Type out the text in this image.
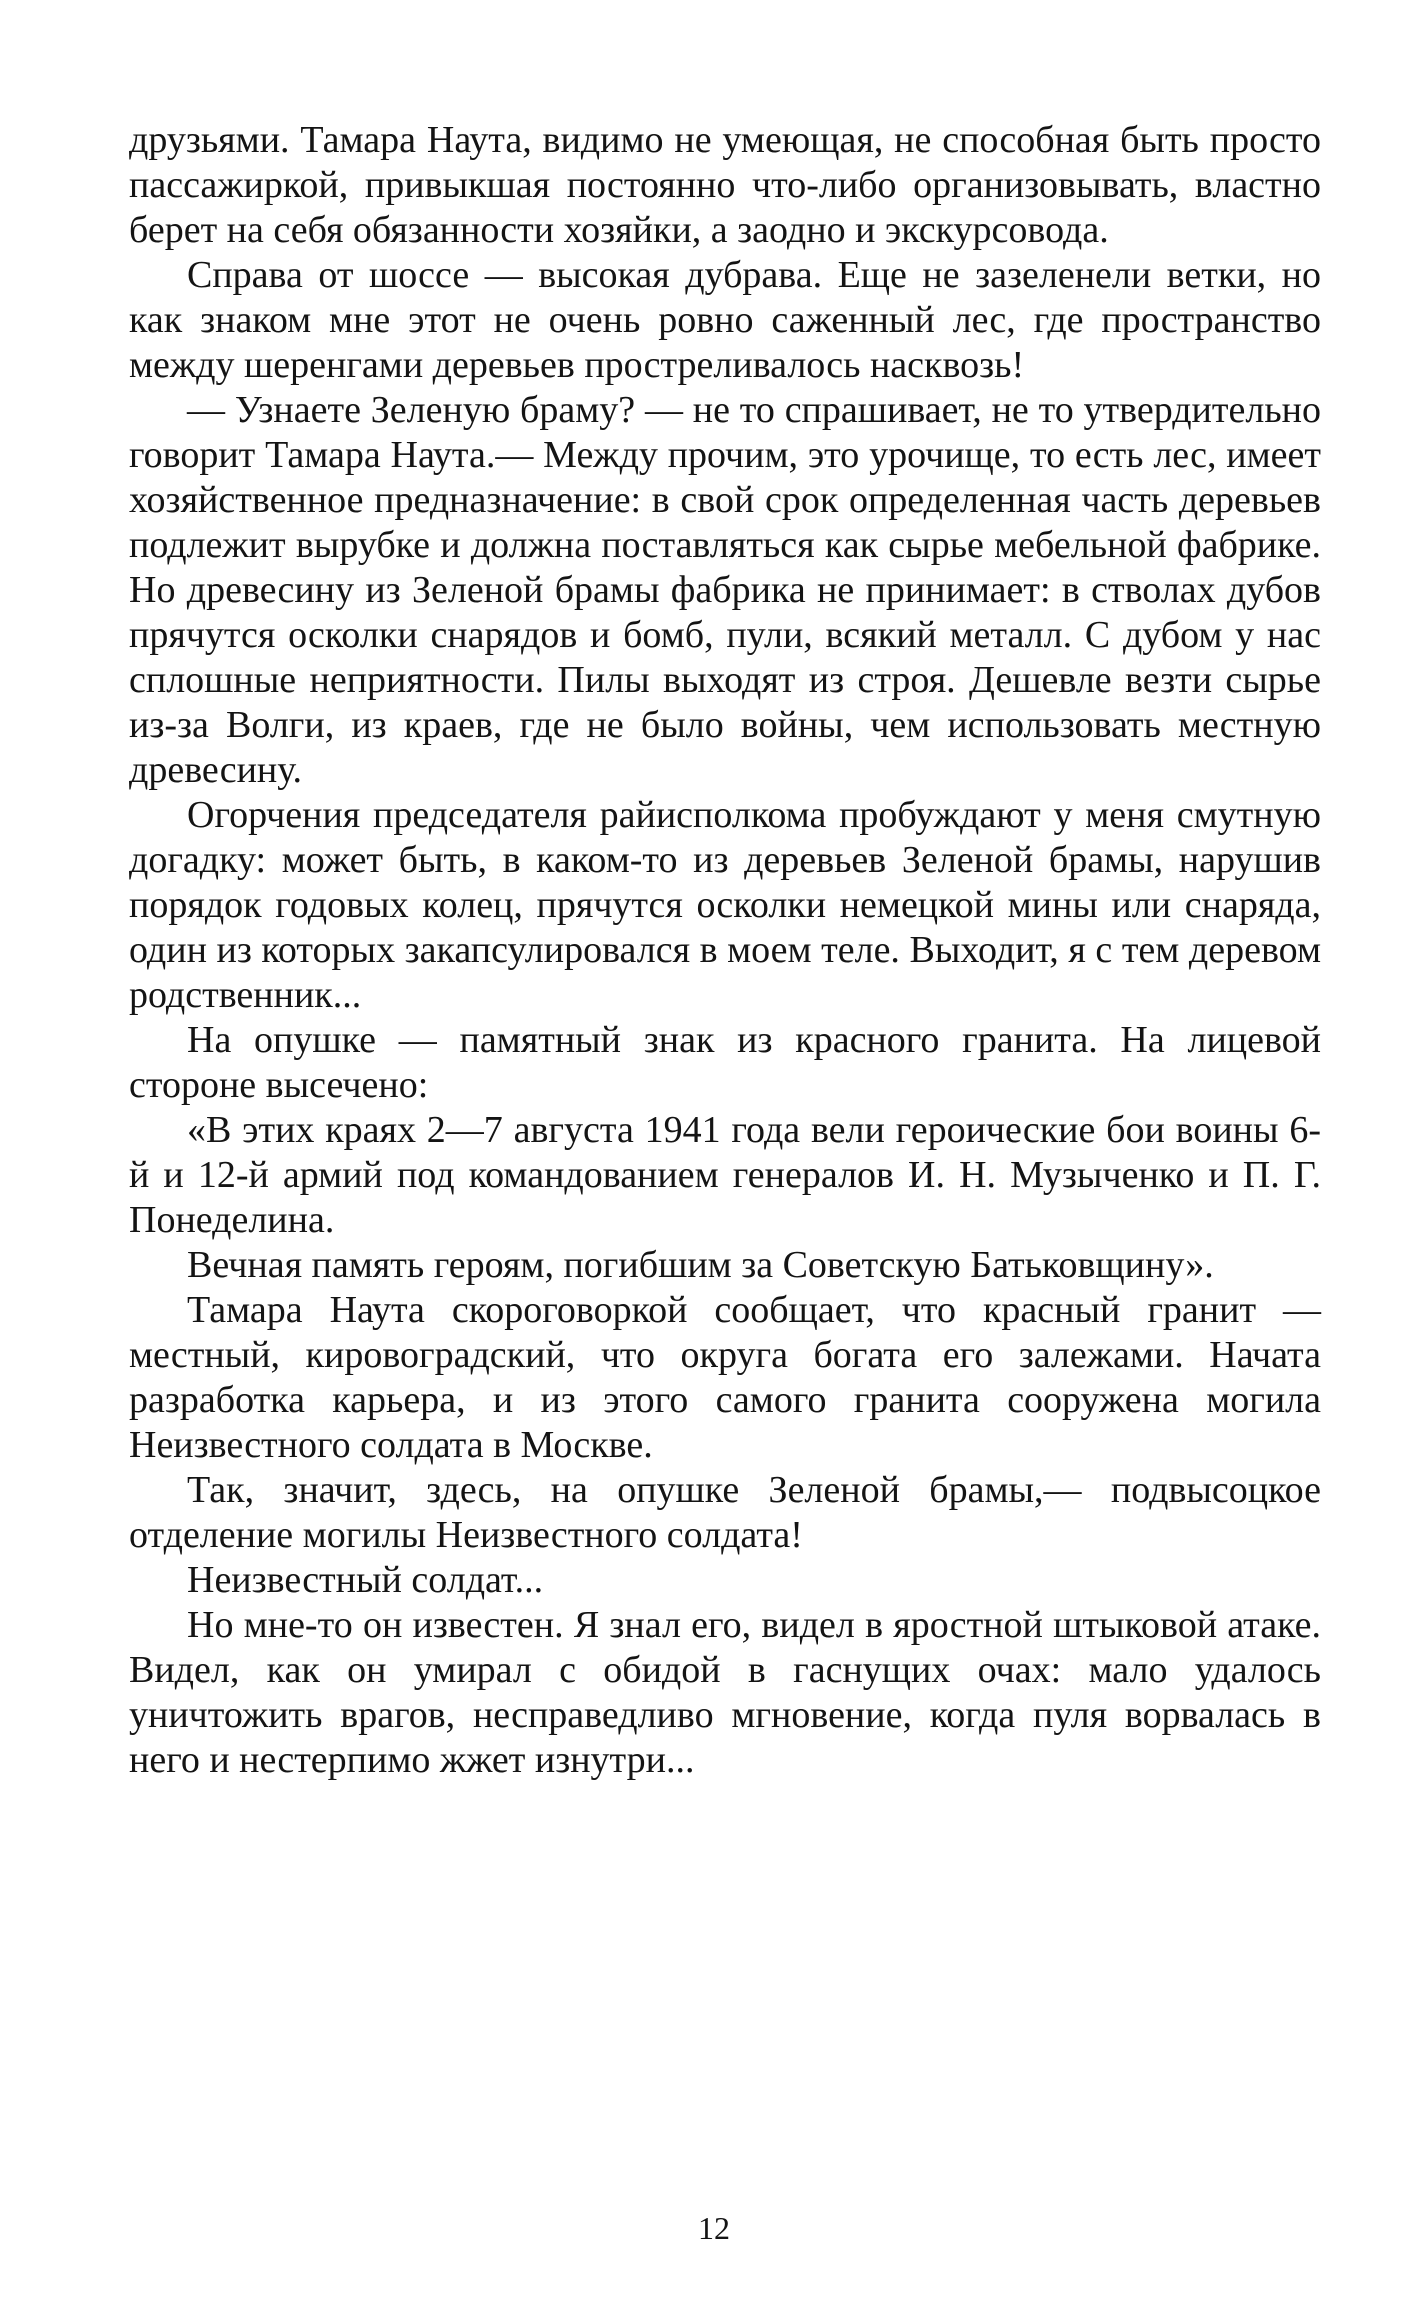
друзьями. Тамара Наута, видимо не умеющая, не способная быть просто пассажиркой, привыкшая постоянно что-либо организовывать, властно берет на себя обязанности хозяйки, а заодно и экскурсовода.

Справа от шоссе — высокая дубрава. Еще не зазеленели ветки, но как знаком мне этот не очень ровно саженный лес, где пространство между шеренгами деревьев простреливалось насквозь!

— Узнаете Зеленую браму? — не то спрашивает, не то утвердительно говорит Тамара Наута.— Между прочим, это урочище, то есть лес, имеет хозяйственное предназначение: в свой срок определенная часть деревьев подлежит вырубке и должна поставляться как сырье мебельной фабрике. Но древесину из Зеленой брамы фабрика не принимает: в стволах дубов прячутся осколки снарядов и бомб, пули, всякий металл. С дубом у нас сплошные неприятности. Пилы выходят из строя. Дешевле везти сырье из-за Волги, из краев, где не было войны, чем использовать местную древесину.

Огорчения председателя райисполкома пробуждают у меня смутную догадку: может быть, в каком-то из деревьев Зеленой брамы, нарушив порядок годовых колец, прячутся осколки немецкой мины или снаряда, один из которых закапсулировался в моем теле. Выходит, я с тем деревом родственник...

На опушке — памятный знак из красного гранита. На лицевой стороне высечено:

«В этих краях 2—7 августа 1941 года вели героические бои воины 6-й и 12-й армий под командованием генералов И. Н. Музыченко и П. Г. Понеделина.

Вечная память героям, погибшим за Советскую Батьковщину».

Тамара Наута скороговоркой сообщает, что красный гранит — местный, кировоградский, что округа богата его залежами. Начата разработка карьера, и из этого самого гранита сооружена могила Неизвестного солдата в Москве.

Так, значит, здесь, на опушке Зеленой брамы,— подвысоцкое отделение могилы Неизвестного солдата!

Неизвестный солдат...

Но мне-то он известен. Я знал его, видел в яростной штыковой атаке. Видел, как он умирал с обидой в гаснущих очах: мало удалось уничтожить врагов, несправедливо мгновение, когда пуля ворвалась в него и нестерпимо жжет изнутри...

12
